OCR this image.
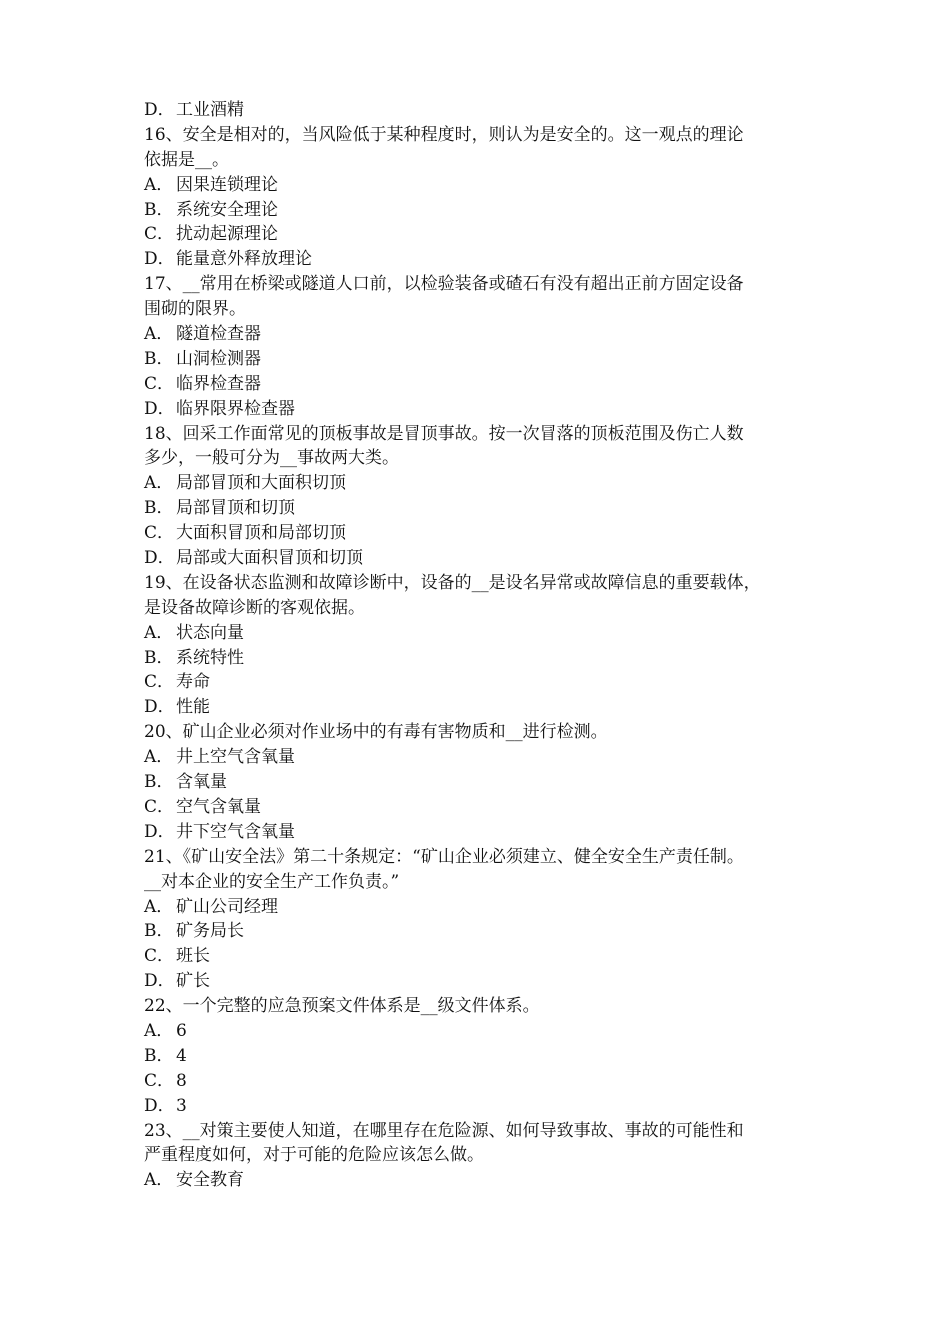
D．工业酒精
16、安全是相对的，当风险低于某种程度时，则认为是安全的。这一观点的理论
依据是__。
A． 因果连锁理论
B． 系统安全理论
C． 扰动起源理论
D．能量意外释放理论
17、__常用在桥梁或隧道人口前，以检验装备或碴石有没有超出正前方固定设备
围砌的限界。
A． 隧道检查器
B． 山洞检测器
C． 临界检查器
D．临界限界检查器
18、回采工作面常见的顶板事故是冒顶事故。按一次冒落的顶板范围及伤亡人数
多少，一般可分为__事故两大类。
A． 局部冒顶和大面积切顶
B． 局部冒顶和切顶
C． 大面积冒顶和局部切顶
D．局部或大面积冒顶和切顶
19、在设备状态监测和故障诊断中，设备的__是设名异常或故障信息的重要载体，
是设备故障诊断的客观依据。
A． 状态向量
B． 系统特性
C． 寿命
D．性能
20、矿山企业必须对作业场中的有毒有害物质和__进行检测。
A． 井上空气含氧量
B． 含氧量
C． 空气含氧量
D．井下空气含氧量
21、《矿山安全法》第二十条规定：“矿山企业必须建立、健全安全生产责任制。
__对本企业的安全生产工作负责。”
A． 矿山公司经理
B． 矿务局长
C． 班长
D．矿长
22、一个完整的应急预案文件体系是__级文件体系。
A． 6
B． 4
C． 8
D．3
23、__对策主要使人知道，在哪里存在危险源、如何导致事故、事故的可能性和
严重程度如何，对于可能的危险应该怎么做。
A． 安全教育
